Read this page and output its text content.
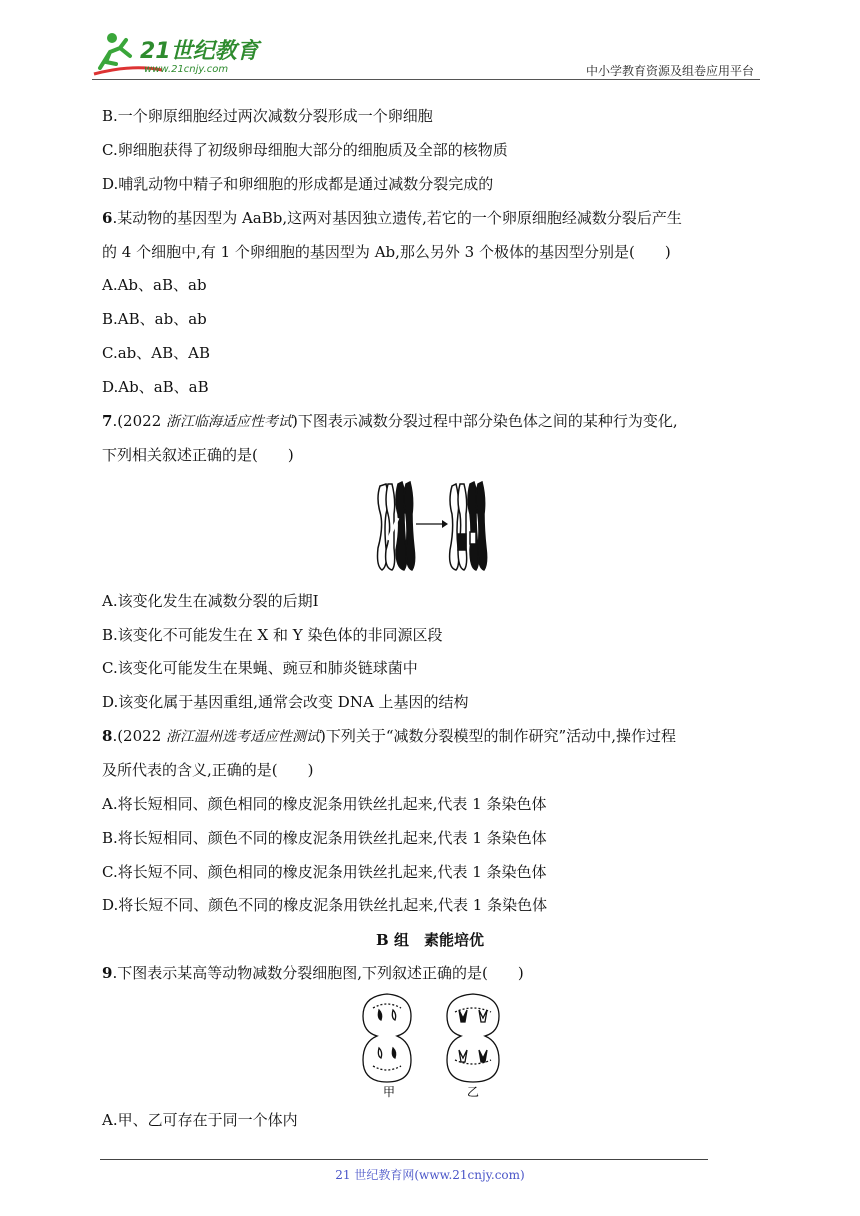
21世纪教育
www.21cnjy.com	中小学教育资源及组卷应用平台
B.一个卵原细胞经过两次减数分裂形成一个卵细胞
C.卵细胞获得了初级卵母细胞大部分的细胞质及全部的核物质
D.哺乳动物中精子和卵细胞的形成都是通过减数分裂完成的
6.某动物的基因型为 AaBb,这两对基因独立遗传,若它的一个卵原细胞经减数分裂后产生
的 4 个细胞中,有 1 个卵细胞的基因型为 Ab,那么另外 3 个极体的基因型分别是(　　)
A.Ab、aB、ab
B.AB、ab、ab
C.ab、AB、AB
D.Ab、aB、aB
7.(2022 浙江临海适应性考试)下图表示减数分裂过程中部分染色体之间的某种行为变化,
下列相关叙述正确的是(　　)
A.该变化发生在减数分裂的后期Ⅰ
B.该变化不可能发生在 X 和 Y 染色体的非同源区段
C.该变化可能发生在果蝇、豌豆和肺炎链球菌中
D.该变化属于基因重组,通常会改变 DNA 上基因的结构
8.(2022 浙江温州选考适应性测试)下列关于“减数分裂模型的制作研究”活动中,操作过程
及所代表的含义,正确的是(　　)
A.将长短相同、颜色相同的橡皮泥条用铁丝扎起来,代表 1 条染色体
B.将长短相同、颜色不同的橡皮泥条用铁丝扎起来,代表 1 条染色体
C.将长短不同、颜色相同的橡皮泥条用铁丝扎起来,代表 1 条染色体
D.将长短不同、颜色不同的橡皮泥条用铁丝扎起来,代表 1 条染色体
B 组　素能培优
9.下图表示某高等动物减数分裂细胞图,下列叙述正确的是(　　)
甲	乙
A.甲、乙可存在于同一个体内
21 世纪教育网(www.21cnjy.com)
